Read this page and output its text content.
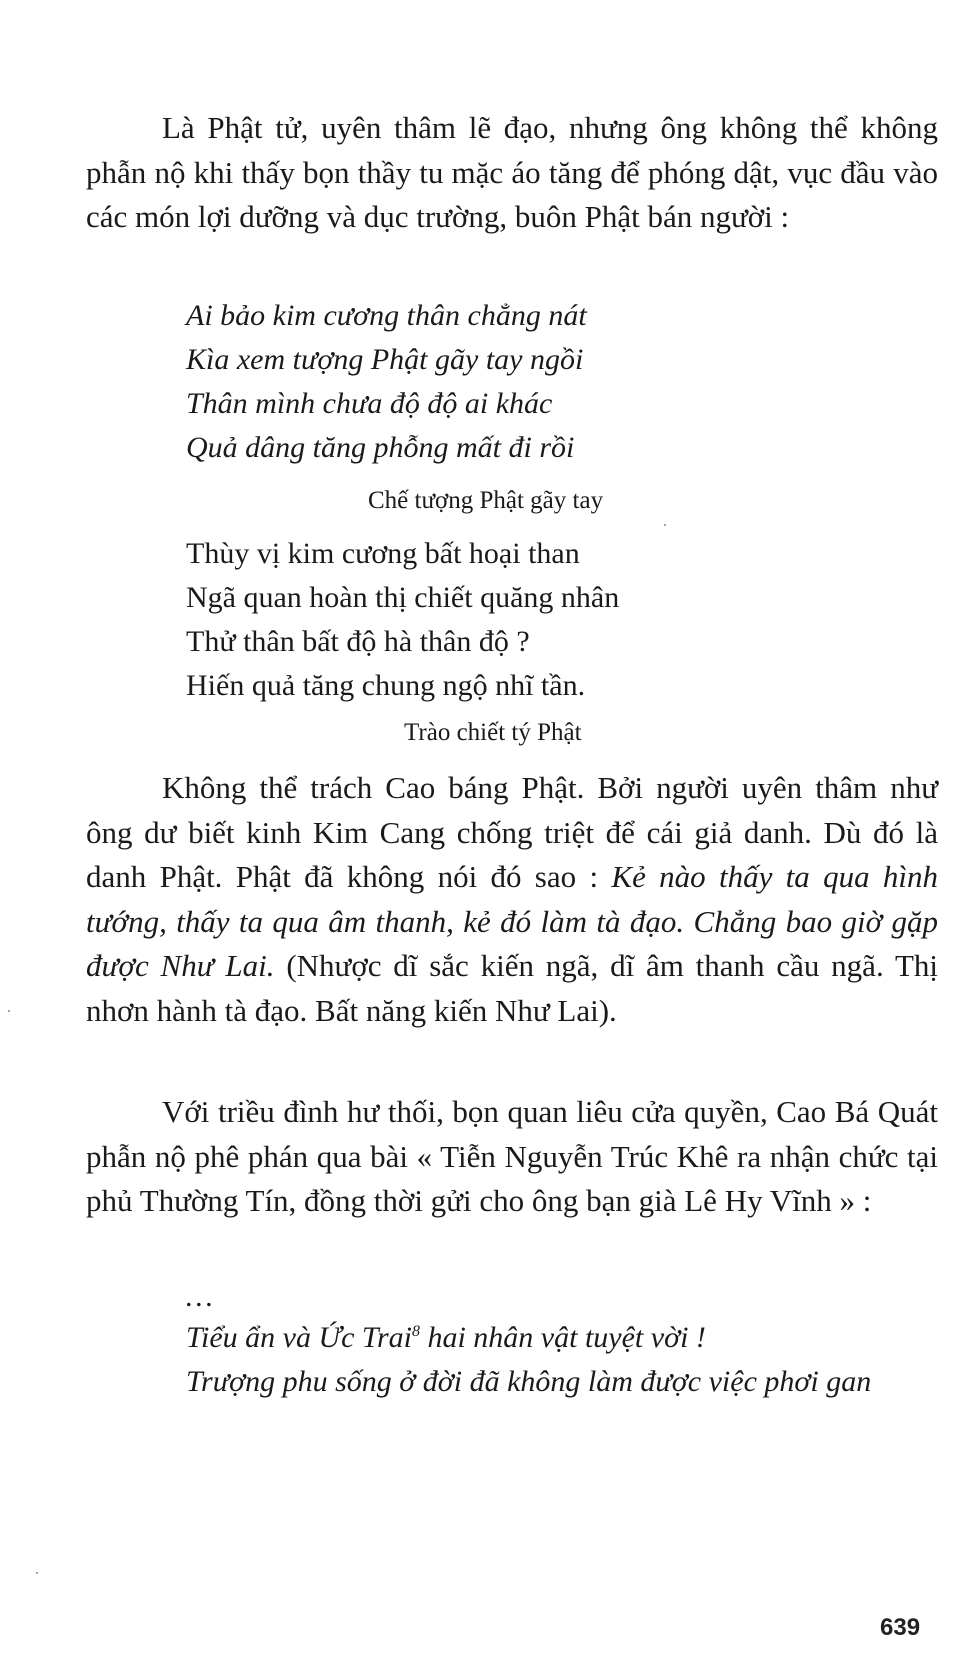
Là Phật tử, uyên thâm lẽ đạo, nhưng ông không thể không phẫn nộ khi thấy bọn thầy tu mặc áo tăng để phóng dật, vục đầu vào các món lợi dưỡng và dục trường, buôn Phật bán người :

Ai bảo kim cương thân chẳng nát
Kìa xem tượng Phật gãy tay ngồi
Thân mình chưa độ độ ai khác
Quả dâng tăng phỗng mất đi rồi

Chế tượng Phật gãy tay

Thùy vị kim cương bất hoại than
Ngã quan hoàn thị chiết quăng nhân
Thử thân bất độ hà thân độ ?
Hiến quả tăng chung ngộ nhĩ tần.

Trào chiết tý Phật

Không thể trách Cao báng Phật. Bởi người uyên thâm như ông dư biết kinh Kim Cang chống triệt để cái giả danh. Dù đó là danh Phật. Phật đã không nói đó sao : Kẻ nào thấy ta qua hình tướng, thấy ta qua âm thanh, kẻ đó làm tà đạo. Chẳng bao giờ gặp được Như Lai. (Nhược dĩ sắc kiến ngã, dĩ âm thanh cầu ngã. Thị nhơn hành tà đạo. Bất năng kiến Như Lai).

Với triều đình hư thối, bọn quan liêu cửa quyền, Cao Bá Quát phẫn nộ phê phán qua bài « Tiễn Nguyễn Trúc Khê ra nhận chức tại phủ Thường Tín, đồng thời gửi cho ông bạn già Lê Hy Vĩnh » :

…
Tiểu ẩn và Ức Trai$^8$ hai nhân vật tuyệt vời !
Trượng phu sống ở đời đã không làm được việc phơi gan

639
